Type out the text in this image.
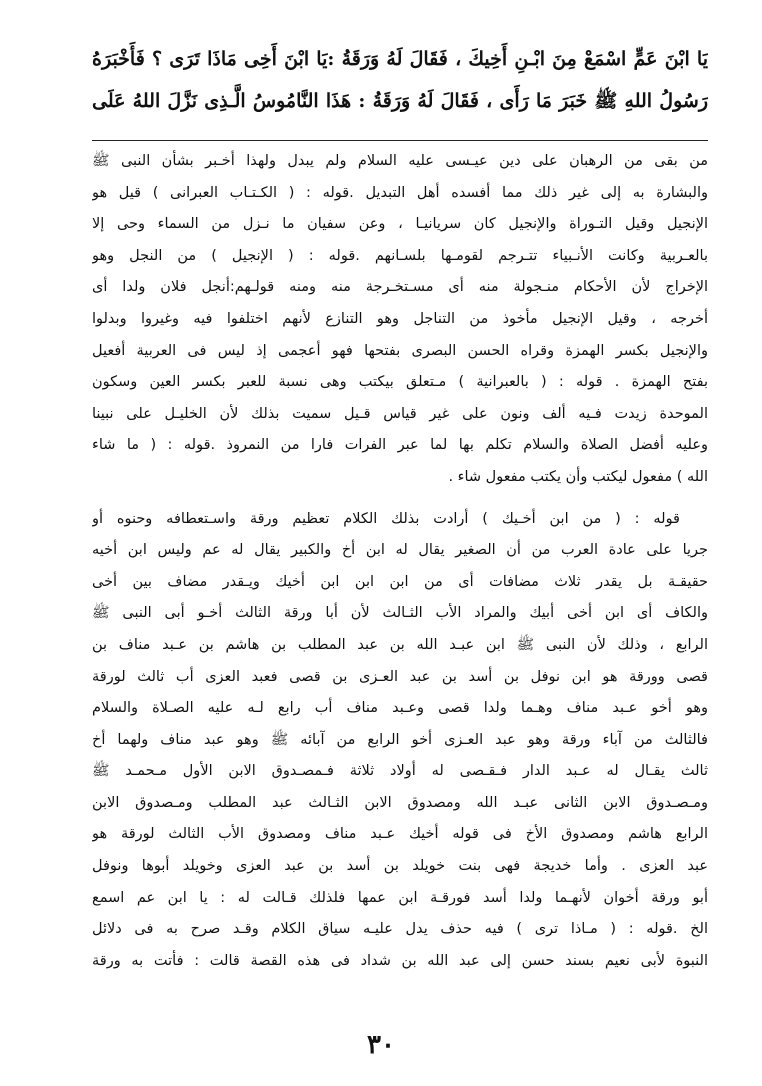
يَا ابْنَ عَمٍّ اسْمَعْ مِنَ ابْـنِ أَخِيكَ ، فَقَالَ لَهُ وَرَقَةُ :يَا ابْنَ أَخِى مَاذَا تَرَى ؟ فَأَخْبَرَهُ
رَسُولُ اللهِ ﷺ خَبَرَ مَا رَأَى ، فَقَالَ لَهُ وَرَقَةُ : هَذَا النَّامُوسُ الَّـذِى نَزَّلَ اللهُ عَلَى
من بقى من الرهبان على دين عيـسى عليه السلام ولم يبدل ولهذا أخـبر بشأن النبى ﷺ
والبشارة به إلى غير ذلك مما أفسده أهل التبديل .قوله : ( الكـتـاب العبرانى ) قيل هو
الإنجيل وقيل التـوراة والإنجيل كان سريانيـا ، وعن سفيان ما نـزل من السماء وحى إلا
بالعـربية وكانت الأنـبياء تتـرجم لقومـها بلسـانهم .قوله : ( الإنجيل ) من النجل وهو
الإخراج لأن الأحكام منـجولة منه أى مسـتخـرجة منه ومنه قولـهم:أنجل فلان ولدا أى
أخرجه ، وقيل الإنجيل مأخوذ من التناجل وهو التنازع لأنهم اختلفوا فيه وغيروا وبدلوا
والإنجيل بكسر الهمزة وقراه الحسن البصرى بفتحها فهو أعجمى إذ ليس فى العربية أفعيل
بفتح الهمزة . قوله : ( بالعبرانية ) مـتعلق بيكتب وهى نسبة للعبر بكسر العين وسكون
الموحدة زيدت فـيه ألف ونون على غير قياس قـيل سميت بذلك لأن الخليـل على نبينا
وعليه أفضل الصلاة والسلام تكلم بها لما عبر الفرات فارا من النمروذ .قوله : ( ما شاء
الله ) مفعول ليكتب وأن يكتب مفعول شاء .
قوله : ( من ابن أخـيك ) أرادت بذلك الكلام تعظيم ورقة واسـتعطافه وحنوه أو
جريا على عادة العرب من أن الصغير يقال له ابن أخ والكبير يقال له عم وليس ابن أخيه
حقيقـة بل يقدر ثلاث مضافات أى من ابن ابن ابن أخيك ويـقدر مضاف بين أخى
والكاف أى ابن أخى أبيك والمراد الأب الثـالث لأن أبا ورقة الثالث أخـو أبى النبى ﷺ
الرابع ، وذلك لأن النبى ﷺ ابن عبـد الله بن عبد المطلب بن هاشم بن عـبد مناف بن
قصى وورقة هو ابن نوفل بن أسد بن عبد العـزى بن قصى فعبد العزى أب ثالث لورقة
وهو أخو عـبد مناف وهـما ولدا قصى وعـبد مناف أب رابع لـه عليه الصـلاة والسلام
فالثالث من آباء ورقة وهو عبد العـزى أخو الرابع من آبائه ﷺ وهو عبد مناف ولهما أخ
ثالث يقـال له عـبد الدار فـقـصى له أولاد ثلاثة فـمصـدوق الابن الأول مـحمـد ﷺ
ومـصـدوق الابن الثانى عبـد الله ومصدوق الابن الثـالث عبد المطلب ومـصدوق الابن
الرابع هاشم ومصدوق الأخ فى قوله أخيك عـبد مناف ومصدوق الأب الثالث لورقة هو
عبد العزى . وأما خديجة فهى بنت خويلد بن أسد بن عبد العزى وخويلد أبوها ونوفل
أبو ورقة أخوان لأنهـما ولدا أسد فورقـة ابن عمها فلذلك قـالت له : يا ابن عم اسمع
الخ .قوله : ( مـاذا ترى ) فيه حذف يدل عليـه سياق الكلام وقـد صرح به فى دلائل
النبوة لأبى نعيم بسند حسن إلى عبد الله بن شداد فى هذه القصة قالت : فأتت به ورقة
٣٠
